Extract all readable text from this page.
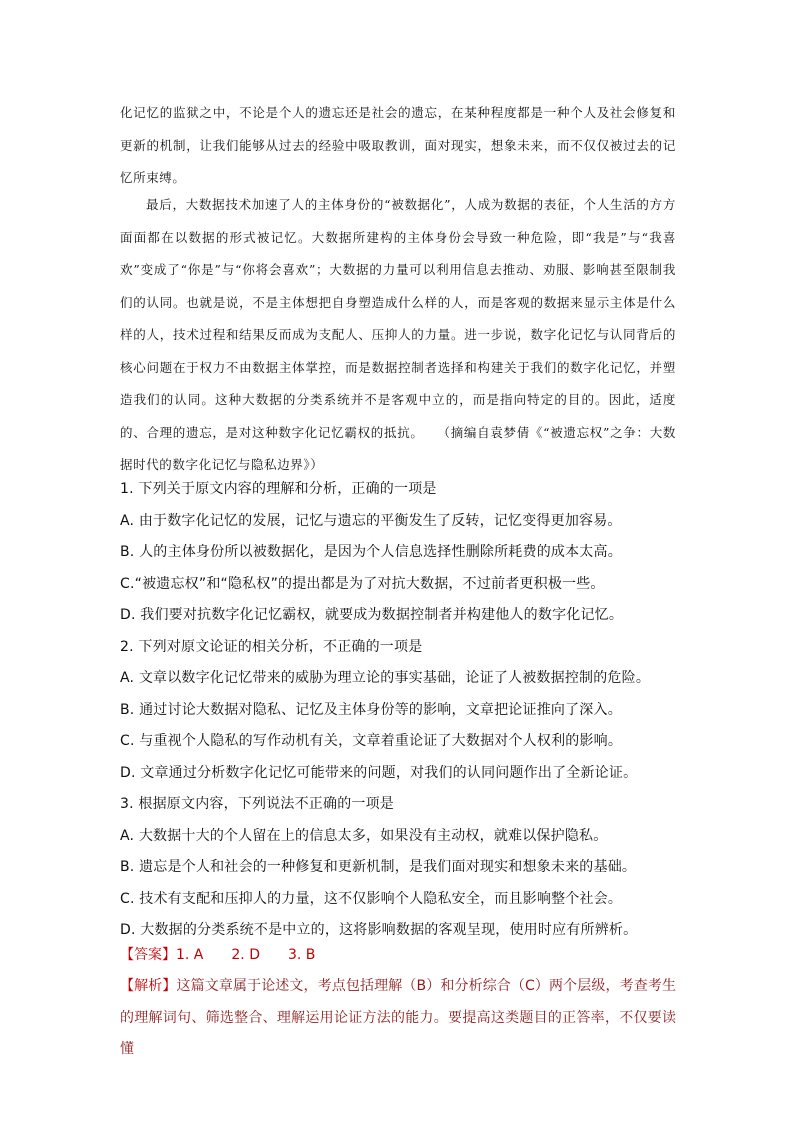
化记忆的监狱之中，不论是个人的遗忘还是社会的遗忘，在某种程度都是一种个人及社会修复和更新的机制，让我们能够从过去的经验中吸取教训，面对现实，想象未来，而不仅仅被过去的记忆所束缚。
最后，大数据技术加速了人的主体身份的“被数据化”，人成为数据的表征，个人生活的方方面面都在以数据的形式被记忆。大数据所建构的主体身份会导致一种危险，即“我是”与“我喜欢”变成了“你是”与“你将会喜欢”；大数据的力量可以利用信息去推动、劝服、影响甚至限制我们的认同。也就是说，不是主体想把自身塑造成什么样的人，而是客观的数据来显示主体是什么样的人，技术过程和结果反而成为支配人、压抑人的力量。进一步说，数字化记忆与认同背后的核心问题在于权力不由数据主体掌控，而是数据控制者选择和构建关于我们的数字化记忆，并塑造我们的认同。这种大数据的分类系统并不是客观中立的，而是指向特定的目的。因此，适度的、合理的遗忘，是对这种数字化记忆霸权的抵抗。　　（摘编自袁梦倩《“被遗忘权”之争：大数据时代的数字化记忆与隐私边界》）
1. 下列关于原文内容的理解和分析，正确的一项是
A. 由于数字化记忆的发展，记忆与遗忘的平衡发生了反转，记忆变得更加容易。
B. 人的主体身份所以被数据化，是因为个人信息选择性删除所耗费的成本太高。
C.“被遗忘权”和“隐私权”的提出都是为了对抗大数据，不过前者更积极一些。
D. 我们要对抗数字化记忆霸权，就要成为数据控制者并构建他人的数字化记忆。
2. 下列对原文论证的相关分析，不正确的一项是
A. 文章以数字化记忆带来的威胁为理立论的事实基础，论证了人被数据控制的危险。
B. 通过讨论大数据对隐私、记忆及主体身份等的影响，文章把论证推向了深入。
C. 与重视个人隐私的写作动机有关，文章着重论证了大数据对个人权利的影响。
D. 文章通过分析数字化记忆可能带来的问题，对我们的认同问题作出了全新论证。
3. 根据原文内容，下列说法不正确的一项是
A. 大数据十大的个人留在上的信息太多，如果没有主动权，就难以保护隐私。
B. 遗忘是个人和社会的一种修复和更新机制，是我们面对现实和想象未来的基础。
C. 技术有支配和压抑人的力量，这不仅影响个人隐私安全，而且影响整个社会。
D. 大数据的分类系统不是中立的，这将影响数据的客观呈现，使用时应有所辨析。
【答案】1. A　　2. D　　3. B
【解析】这篇文章属于论述文，考点包括理解（B）和分析综合（C）两个层级，考查考生的理解词句、筛选整合、理解运用论证方法的能力。要提高这类题目的正答率，不仅要读懂
